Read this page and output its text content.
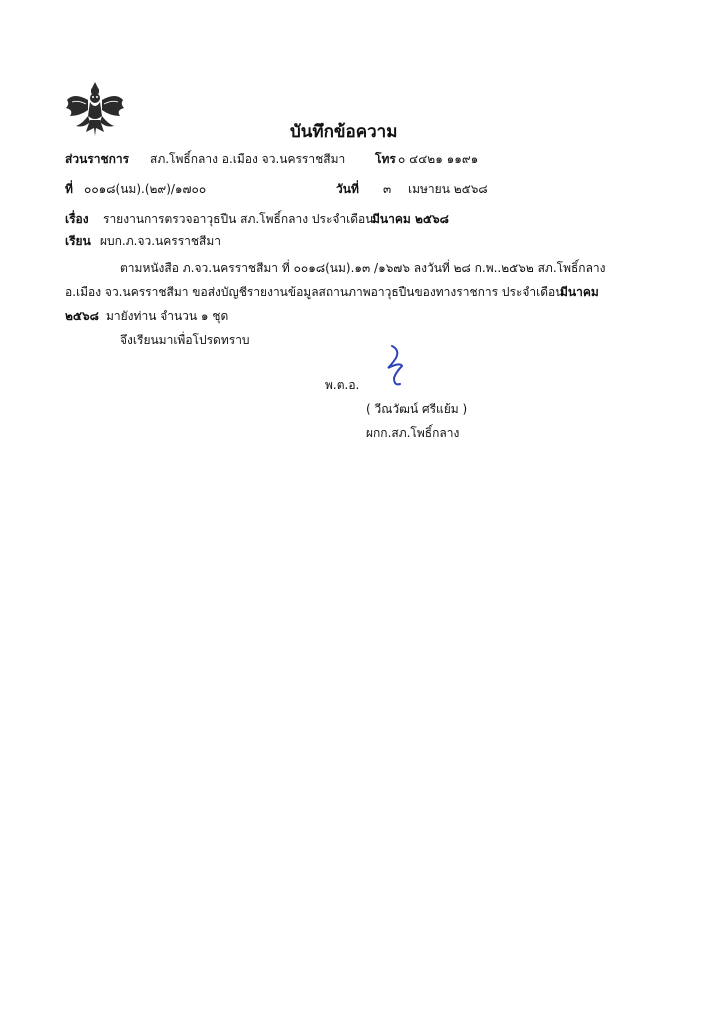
บันทึกข้อความ
ส่วนราชการ สภ.โพธิ์กลาง อ.เมือง จว.นครราชสีมา โทร ๐ ๔๔๒๑ ๑๑๙๑
ที่ ๐๐๑๘(นม).(๒๙)/๑๗๐๐	วันที่ ๓ เมษายน ๒๕๖๘
เรื่อง รายงานการตรวจอาวุธปืน สภ.โพธิ์กลาง ประจำเดือน
มีนาคม ๒๕๖๘
เรียน ผบก.ภ.จว.นครราชสีมา
ตามหนังสือ ภ.จว.นครราชสีมา ที่ ๐๐๑๘(นม).๑๓ /๑๖๗๖ ลงวันที่ ๒๘ ก.พ..๒๕๖๒ สภ.โพธิ์กลาง
อ.เมือง จว.นครราชสีมา ขอส่งบัญชีรายงานข้อมูลสถานภาพอาวุธปืนของทางราชการ ประจำเดือน
มีนาคม
๒๕๖๘ มายังท่าน จำนวน ๑ ชุด
จึงเรียนมาเพื่อโปรดทราบ
พ.ต.อ.
( วีณวัฒน์ ศรีแย้ม )
ผกก.สภ.โพธิ์กลาง
